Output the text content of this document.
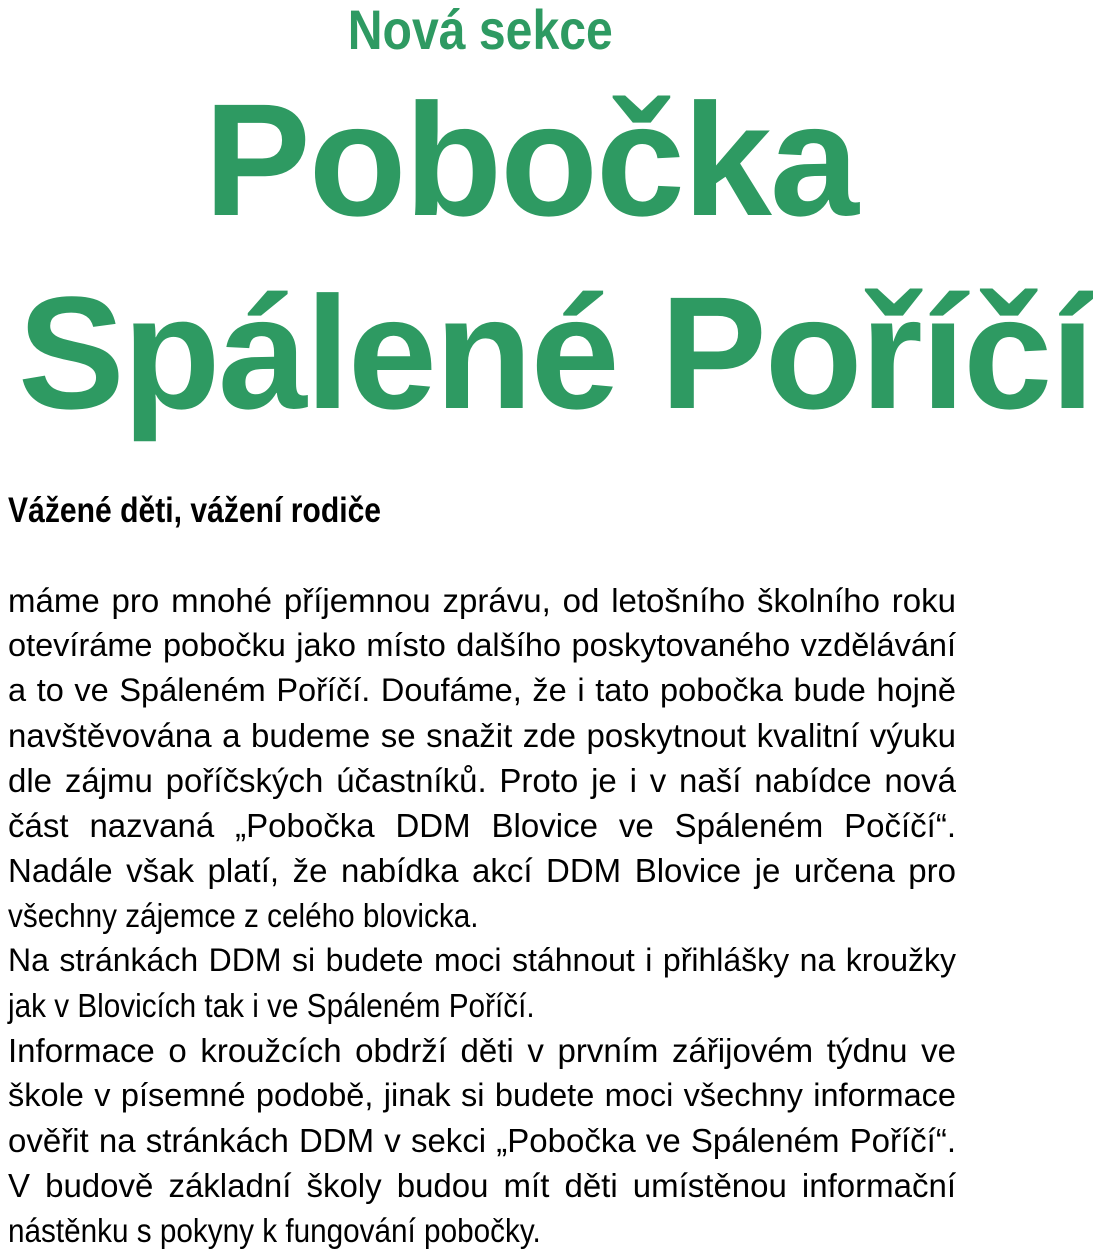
Nová sekce
Pobočka
Spálené Poříčí
Vážené děti, vážení rodiče
máme pro mnohé příjemnou zprávu, od letošního školního roku
otevíráme pobočku jako místo dalšího poskytovaného vzdělávání
a to ve Spáleném Poříčí. Doufáme, že i tato pobočka bude hojně
navštěvována a budeme se snažit zde poskytnout kvalitní výuku
dle zájmu poříčských účastníků. Proto je i v naší nabídce nová
část nazvaná „Pobočka DDM Blovice ve Spáleném Počíčí“.
Nadále však platí, že nabídka akcí DDM Blovice je určena pro
všechny zájemce z celého blovicka.
Na stránkách DDM si budete moci stáhnout i přihlášky na kroužky
jak v Blovicích tak i ve Spáleném Poříčí.
Informace o kroužcích obdrží děti v prvním zářijovém týdnu ve
škole v písemné podobě, jinak si budete moci všechny informace
ověřit na stránkách DDM v sekci „Pobočka ve Spáleném Poříčí“.
V budově základní školy budou mít děti umístěnou informační
nástěnku s pokyny k fungování pobočky.
